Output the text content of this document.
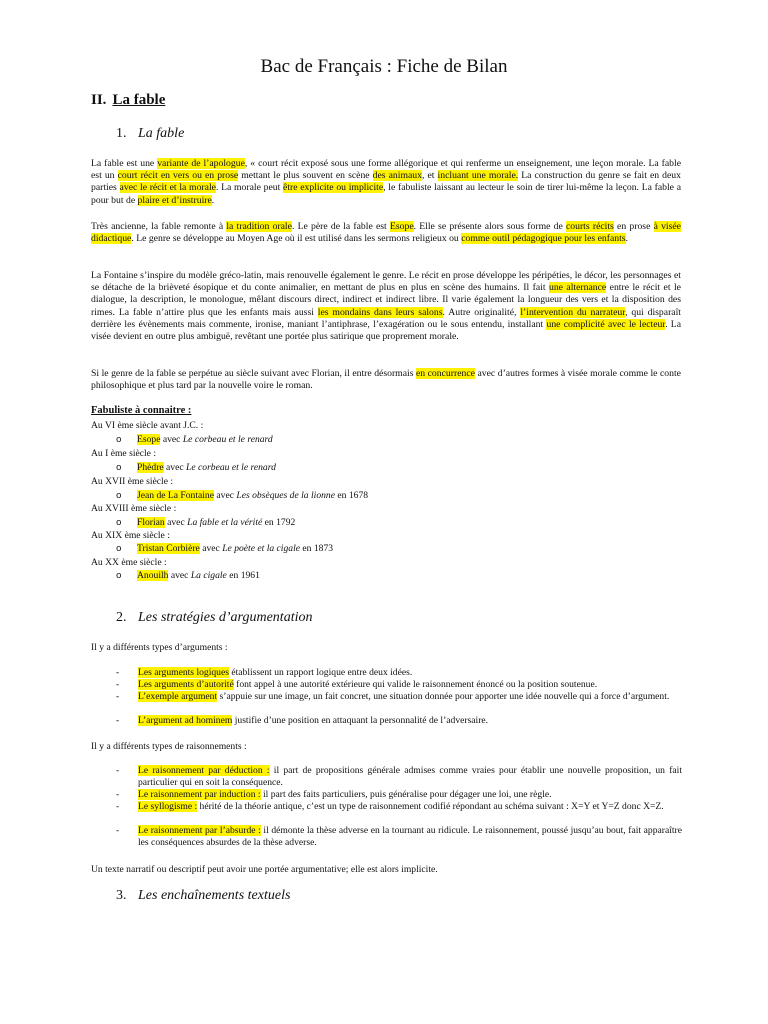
Bac de Français : Fiche de Bilan
II. La fable
1. La fable
La fable est une variante de l’apologue, « court récit exposé sous une forme allégorique et qui renferme un enseignement, une leçon morale. La fable est un court récit en vers ou en prose mettant le plus souvent en scène des animaux, et incluant une morale. La construction du genre se fait en deux parties avec le récit et la morale. La morale peut être explicite ou implicite, le fabuliste laissant au lecteur le soin de tirer lui-même la leçon. La fable a pour but de plaire et d’instruire.
Très ancienne, la fable remonte à la tradition orale. Le père de la fable est Esope. Elle se présente alors sous forme de courts récits en prose à visée didactique. Le genre se développe au Moyen Age où il est utilisé dans les sermons religieux ou comme outil pédagogique pour les enfants.
La Fontaine s’inspire du modèle gréco-latin, mais renouvelle également le genre. Le récit en prose développe les péripéties, le décor, les personnages et se détache de la brièveté ésopique et du conte animalier, en mettant de plus en plus en scène des humains. Il fait une alternance entre le récit et le dialogue, la description, le monologue, mêlant discours direct, indirect et indirect libre. Il varie également la longueur des vers et la disposition des rimes. La fable n’attire plus que les enfants mais aussi les mondains dans leurs salons. Autre originalité, l’intervention du narrateur, qui disparaît derrière les évènements mais commente, ironise, maniant l’antiphrase, l’exagération ou le sous entendu, installant une complicité avec le lecteur. La visée devient en outre plus ambiguë, revêtant une portée plus satirique que proprement morale.
Si le genre de la fable se perpétue au siècle suivant avec Florian, il entre désormais en concurrence avec d’autres formes à visée morale comme le conte philosophique et plus tard par la nouvelle voire le roman.
Fabuliste à connaitre :
Au VI ème siècle avant J.C. :
o Esope avec Le corbeau et le renard
Au I ème siècle :
o Phèdre avec Le corbeau et le renard
Au XVII ème siècle :
o Jean de La Fontaine avec Les obsèques de la lionne en 1678
Au XVIII ème siècle :
o Florian avec La fable et la vérité en 1792
Au XIX ème siècle :
o Tristan Corbière avec Le poète et la cigale en 1873
Au XX ème siècle :
o Anouilh avec La cigale en 1961
2. Les stratégies d’argumentation
Il y a différents types d’arguments :
-	Les arguments logiques établissent un rapport logique entre deux idées.
-	Les arguments d’autorité font appel à une autorité extérieure qui valide le raisonnement énoncé ou la position soutenue.
-	L’exemple argument s’appuie sur une image, un fait concret, une situation donnée pour apporter une idée nouvelle qui a force d’argument.
-	L’argument ad hominem justifie d’une position en attaquant la personnalité de l’adversaire.
Il y a différents types de raisonnements :
-	Le raisonnement par déduction : il part de propositions générale admises comme vraies pour établir une nouvelle proposition, un fait particulier qui en soit la conséquence.
-	Le raisonnement par induction : il part des faits particuliers, puis généralise pour dégager une loi, une règle.
-	Le syllogisme : hérité de la théorie antique, c’est un type de raisonnement codifié répondant au schéma suivant : X=Y et Y=Z donc X=Z.
-	Le raisonnement par l’absurde : il démonte la thèse adverse en la tournant au ridicule. Le raisonnement, poussé jusqu’au bout, fait apparaître les conséquences absurdes de la thèse adverse.
Un texte narratif ou descriptif peut avoir une portée argumentative; elle est alors implicite.
3. Les enchaînements textuels
